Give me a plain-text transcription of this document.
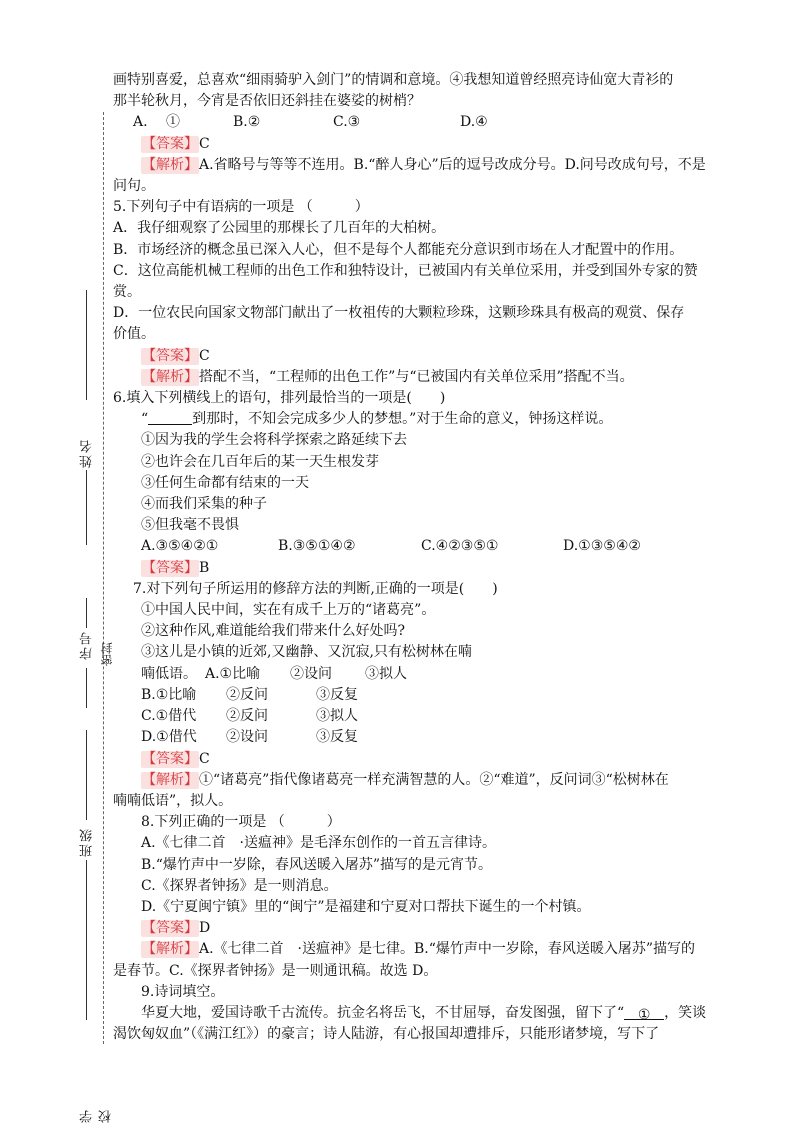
姓名
序号 密封
班级
学校

画特别喜爱，总喜欢“细雨骑驴入剑门”的情调和意境。④我想知道曾经照亮诗仙宽大青衫的

那半轮秋月，今宵是否依旧还斜挂在婆娑的树梢？

A.　 ①	B.②	C.③	D.④

【答案】C

【解析】A.省略号与等等不连用。B.“醉人身心”后的逗号改成分号。D.问号改成句号，不是

问句。

5.下列句子中有语病的一项是 （　　　）

A．我仔细观察了公园里的那棵长了几百年的大柏树。

B．市场经济的概念虽已深入人心，但不是每个人都能充分意识到市场在人才配置中的作用。

C．这位高能机械工程师的出色工作和独特设计，已被国内有关单位采用，并受到国外专家的赞

赏。

D．一位农民向国家文物部门献出了一枚祖传的大颗粒珍珠，这颗珍珠具有极高的观赏、保存

价值。

【答案】C

【解析】搭配不当，“工程师的出色工作”与“已被国内有关单位采用”搭配不当。

6.填入下列横线上的语句，排列最恰当的一项是(　　)

“	到那时，不知会完成多少人的梦想。”对于生命的意义，钟扬这样说。

①因为我的学生会将科学探索之路延续下去

②也许会在几百年后的某一天生根发芽

③任何生命都有结束的一天

④而我们采集的种子

⑤但我毫不畏惧

A.③⑤④②①	B.③⑤①④②	C.④②③⑤①	D.①③⑤④②

【答案】B

7.对下列句子所运用的修辞方法的判断,正确的一项是(　　)

①中国人民中间，实在有成千上万的“诸葛亮”。

②这种作风,难道能给我们带来什么好处吗?

③这儿是小镇的近郊,又幽静、又沉寂,只有松树林在喃

喃低语。 A.①比喻	②设问	③拟人
B.①比喻	②反问	③反复
C.①借代	②反问	③拟人
D.①借代	②设问	③反复

【答案】C

【解析】①“诸葛亮”指代像诸葛亮一样充满智慧的人。②“难道”，反问词③“松树林在

喃喃低语”，拟人。

8.下列正确的一项是 （　　　）

A.《七律二首　·送瘟神》是毛泽东创作的一首五言律诗。

B.“爆竹声中一岁除，春风送暖入屠苏”描写的是元宵节。

C.《探界者钟扬》是一则消息。

D.《宁夏闽宁镇》里的“闽宁”是福建和宁夏对口帮扶下诞生的一个村镇。

【答案】D

【解析】A.《七律二首　·送瘟神》是七律。B.“爆竹声中一岁除，春风送暖入屠苏”描写的

是春节。C.《探界者钟扬》是一则通讯稿。故选 D。

9.诗词填空。

华夏大地，爱国诗歌千古流传。抗金名将岳飞，不甘屈辱，奋发图强，留下了“ ① ，笑谈

渴饮匈奴血”（《满江红》）的豪言；诗人陆游，有心报国却遭排斥，只能形诸梦境，写下了
